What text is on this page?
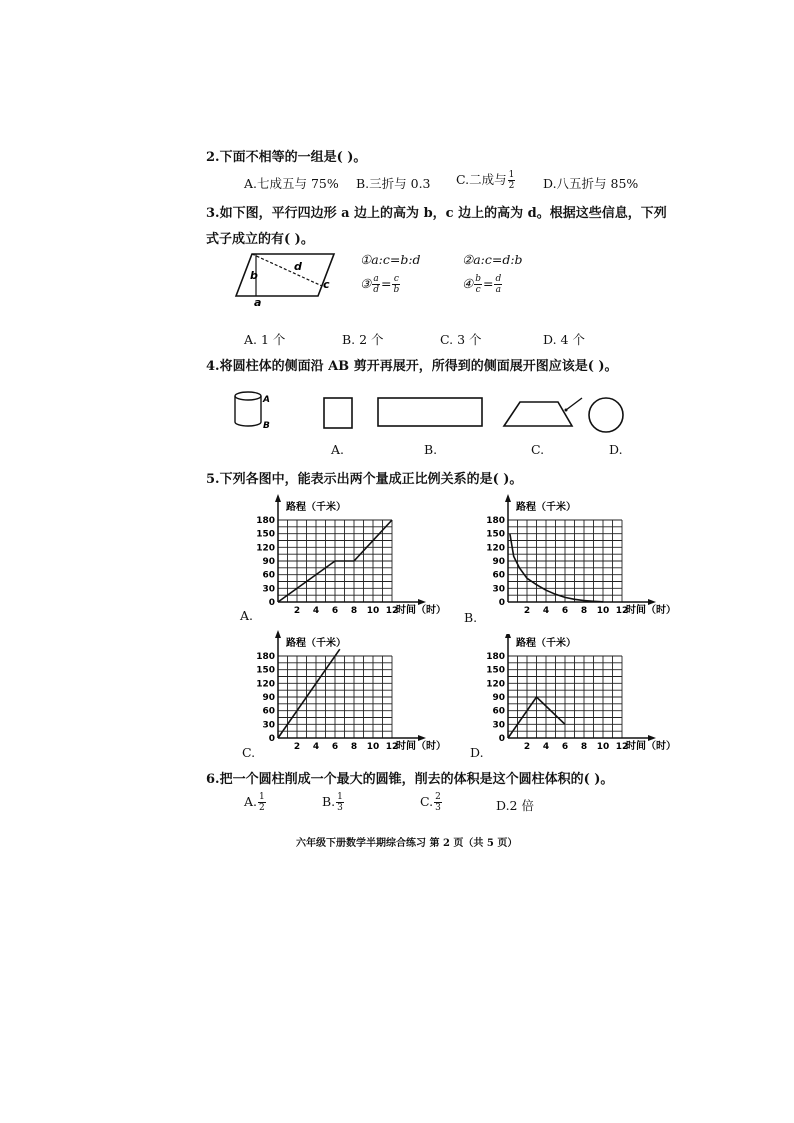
2.下面不相等的一组是( )。
A.七成五与 75% B.三折与 0.3 C.二成与 $\frac{1}{2} D$.八五折与 85%
3.如下图，平行四边形 a 边上的高为 b，c 边上的高为 d。根据这些信息，下列
式子成立的有( )。
b
d
c
a
①a:c=b:d	②a:c=d:b
③ $\frac{a}{d} = \frac{c}{b}$	④ $\frac{b}{c} = \frac{d}{a}$
A. 1 个	B. 2 个	C. 3 个	D. 4 个
4.将圆柱体的侧面沿 AB 剪开再展开，所得到的侧面展开图应该是( )。
A
B
A.	B.	C.	D.
5.下列各图中，能表示出两个量成正比例关系的是( )。
0
30
60
90
120
150
180
2 4 6 8 10 12
路程（千米）
时间（时）
0
30
60
90
120
150
180
2 4 6 8 10 12
路程（千米）
时间（时）
0
30
60
90
120
150
180
2 4 6 8 10 12
路程（千米）
时间（时）
0
30
60
90
120
150
180
2 4 6 8 10 12
路程（千米）
时间（时）
A.	B.
C.	D.
6.把一个圆柱削成一个最大的圆锥，削去的体积是这个圆柱体积的( )。
A. $\frac{1}{2}$	B. $\frac{1}{3}$	C. $\frac{2}{3}$	D.2 倍
六年级下册数学半期综合练习 第 2 页（共 5 页）
